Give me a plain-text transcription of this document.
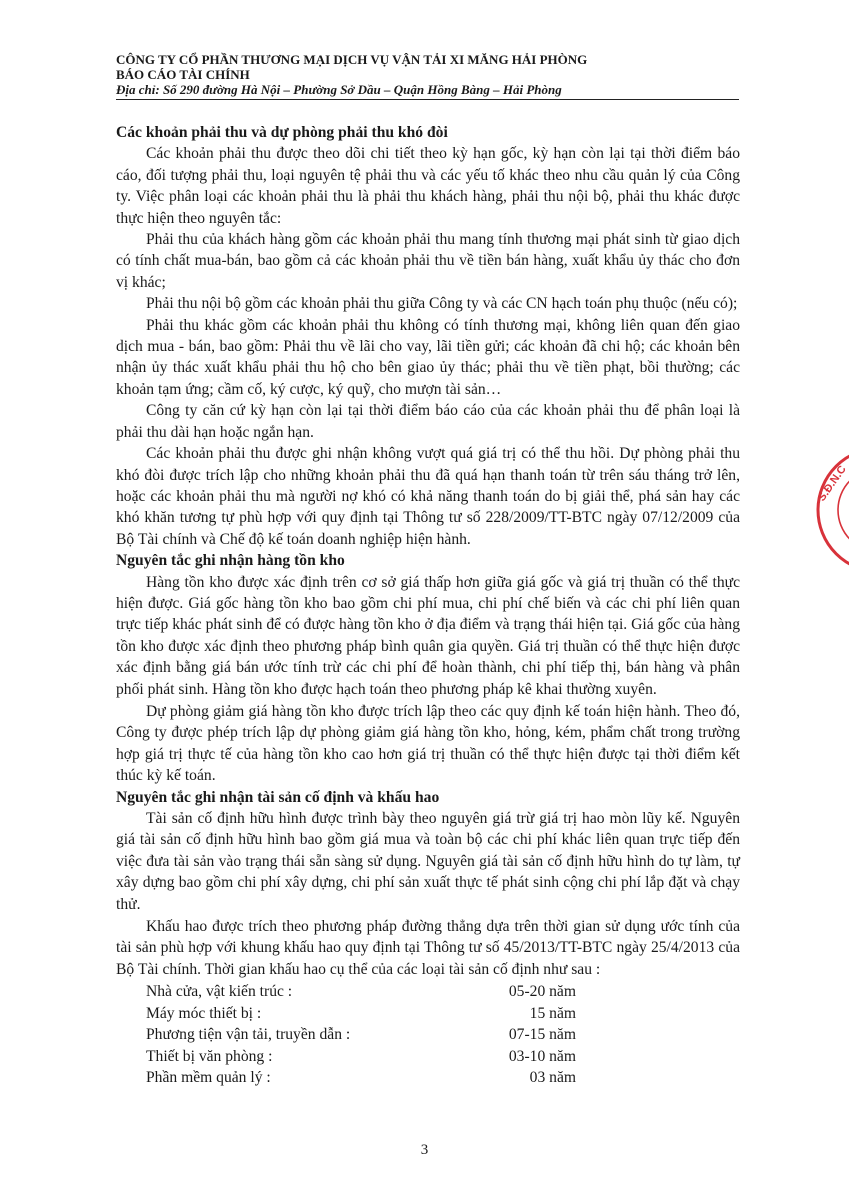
CÔNG TY CỔ PHẦN THƯƠNG MẠI DỊCH VỤ VẬN TẢI XI MĂNG HẢI PHÒNG
BÁO CÁO TÀI CHÍNH
Địa chỉ: Số 290 đường Hà Nội – Phường Sở Dầu – Quận Hồng Bàng – Hải Phòng
Các khoản phải thu và dự phòng phải thu khó đòi

Các khoản phải thu được theo dõi chi tiết theo kỳ hạn gốc, kỳ hạn còn lại tại thời điểm báo cáo, đối tượng phải thu, loại nguyên tệ phải thu và các yếu tố khác theo nhu cầu quản lý của Công ty. Việc phân loại các khoản phải thu là phải thu khách hàng, phải thu nội bộ, phải thu khác được thực hiện theo nguyên tắc:

Phải thu của khách hàng gồm các khoản phải thu mang tính thương mại phát sinh từ giao dịch có tính chất mua-bán, bao gồm cả các khoản phải thu về tiền bán hàng, xuất khẩu ủy thác cho đơn vị khác;

Phải thu nội bộ gồm các khoản phải thu giữa Công ty và các CN hạch toán phụ thuộc (nếu có);

Phải thu khác gồm các khoản phải thu không có tính thương mại, không liên quan đến giao dịch mua - bán, bao gồm: Phải thu về lãi cho vay, lãi tiền gửi; các khoản đã chi hộ; các khoản bên nhận ủy thác xuất khẩu phải thu hộ cho bên giao ủy thác; phải thu về tiền phạt, bồi thường; các khoản tạm ứng; cầm cố, ký cược, ký quỹ, cho mượn tài sản…

Công ty căn cứ kỳ hạn còn lại tại thời điểm báo cáo của các khoản phải thu để phân loại là phải thu dài hạn hoặc ngắn hạn.

Các khoản phải thu được ghi nhận không vượt quá giá trị có thể thu hồi. Dự phòng phải thu khó đòi được trích lập cho những khoản phải thu đã quá hạn thanh toán từ trên sáu tháng trở lên, hoặc các khoản phải thu mà người nợ khó có khả năng thanh toán do bị giải thể, phá sản hay các khó khăn tương tự phù hợp với quy định tại Thông tư số 228/2009/TT-BTC ngày 07/12/2009 của Bộ Tài chính và Chế độ kế toán doanh nghiệp hiện hành.

Nguyên tắc ghi nhận hàng tồn kho

Hàng tồn kho được xác định trên cơ sở giá thấp hơn giữa giá gốc và giá trị thuần có thể thực hiện được. Giá gốc hàng tồn kho bao gồm chi phí mua, chi phí chế biến và các chi phí liên quan trực tiếp khác phát sinh để có được hàng tồn kho ở địa điểm và trạng thái hiện tại. Giá gốc của hàng tồn kho được xác định theo phương pháp bình quân gia quyền. Giá trị thuần có thể thực hiện được xác định bằng giá bán ước tính trừ các chi phí để hoàn thành, chi phí tiếp thị, bán hàng và phân phối phát sinh. Hàng tồn kho được hạch toán theo phương pháp kê khai thường xuyên.

Dự phòng giảm giá hàng tồn kho được trích lập theo các quy định kế toán hiện hành. Theo đó, Công ty được phép trích lập dự phòng giảm giá hàng tồn kho, hỏng, kém, phẩm chất trong trường hợp giá trị thực tế của hàng tồn kho cao hơn giá trị thuần có thể thực hiện được tại thời điểm kết thúc kỳ kế toán.

Nguyên tắc ghi nhận tài sản cố định và khấu hao

Tài sản cố định hữu hình được trình bày theo nguyên giá trừ giá trị hao mòn lũy kế. Nguyên giá tài sản cố định hữu hình bao gồm giá mua và toàn bộ các chi phí khác liên quan trực tiếp đến việc đưa tài sản vào trạng thái sẵn sàng sử dụng. Nguyên giá tài sản cố định hữu hình do tự làm, tự xây dựng bao gồm chi phí xây dựng, chi phí sản xuất thực tế phát sinh cộng chi phí lắp đặt và chạy thử.

Khấu hao được trích theo phương pháp đường thẳng dựa trên thời gian sử dụng ước tính của tài sản phù hợp với khung khấu hao quy định tại Thông tư số 45/2013/TT-BTC ngày 25/4/2013 của Bộ Tài chính. Thời gian khấu hao cụ thể của các loại tài sản cố định như sau :

Nhà cửa, vật kiến trúc :	05-20 năm
Máy móc thiết bị :	15 năm
Phương tiện vận tải, truyền dẫn :	07-15 năm
Thiết bị văn phòng :	03-10 năm
Phần mềm quản lý :	03 năm
3
S.Đ.N.C
